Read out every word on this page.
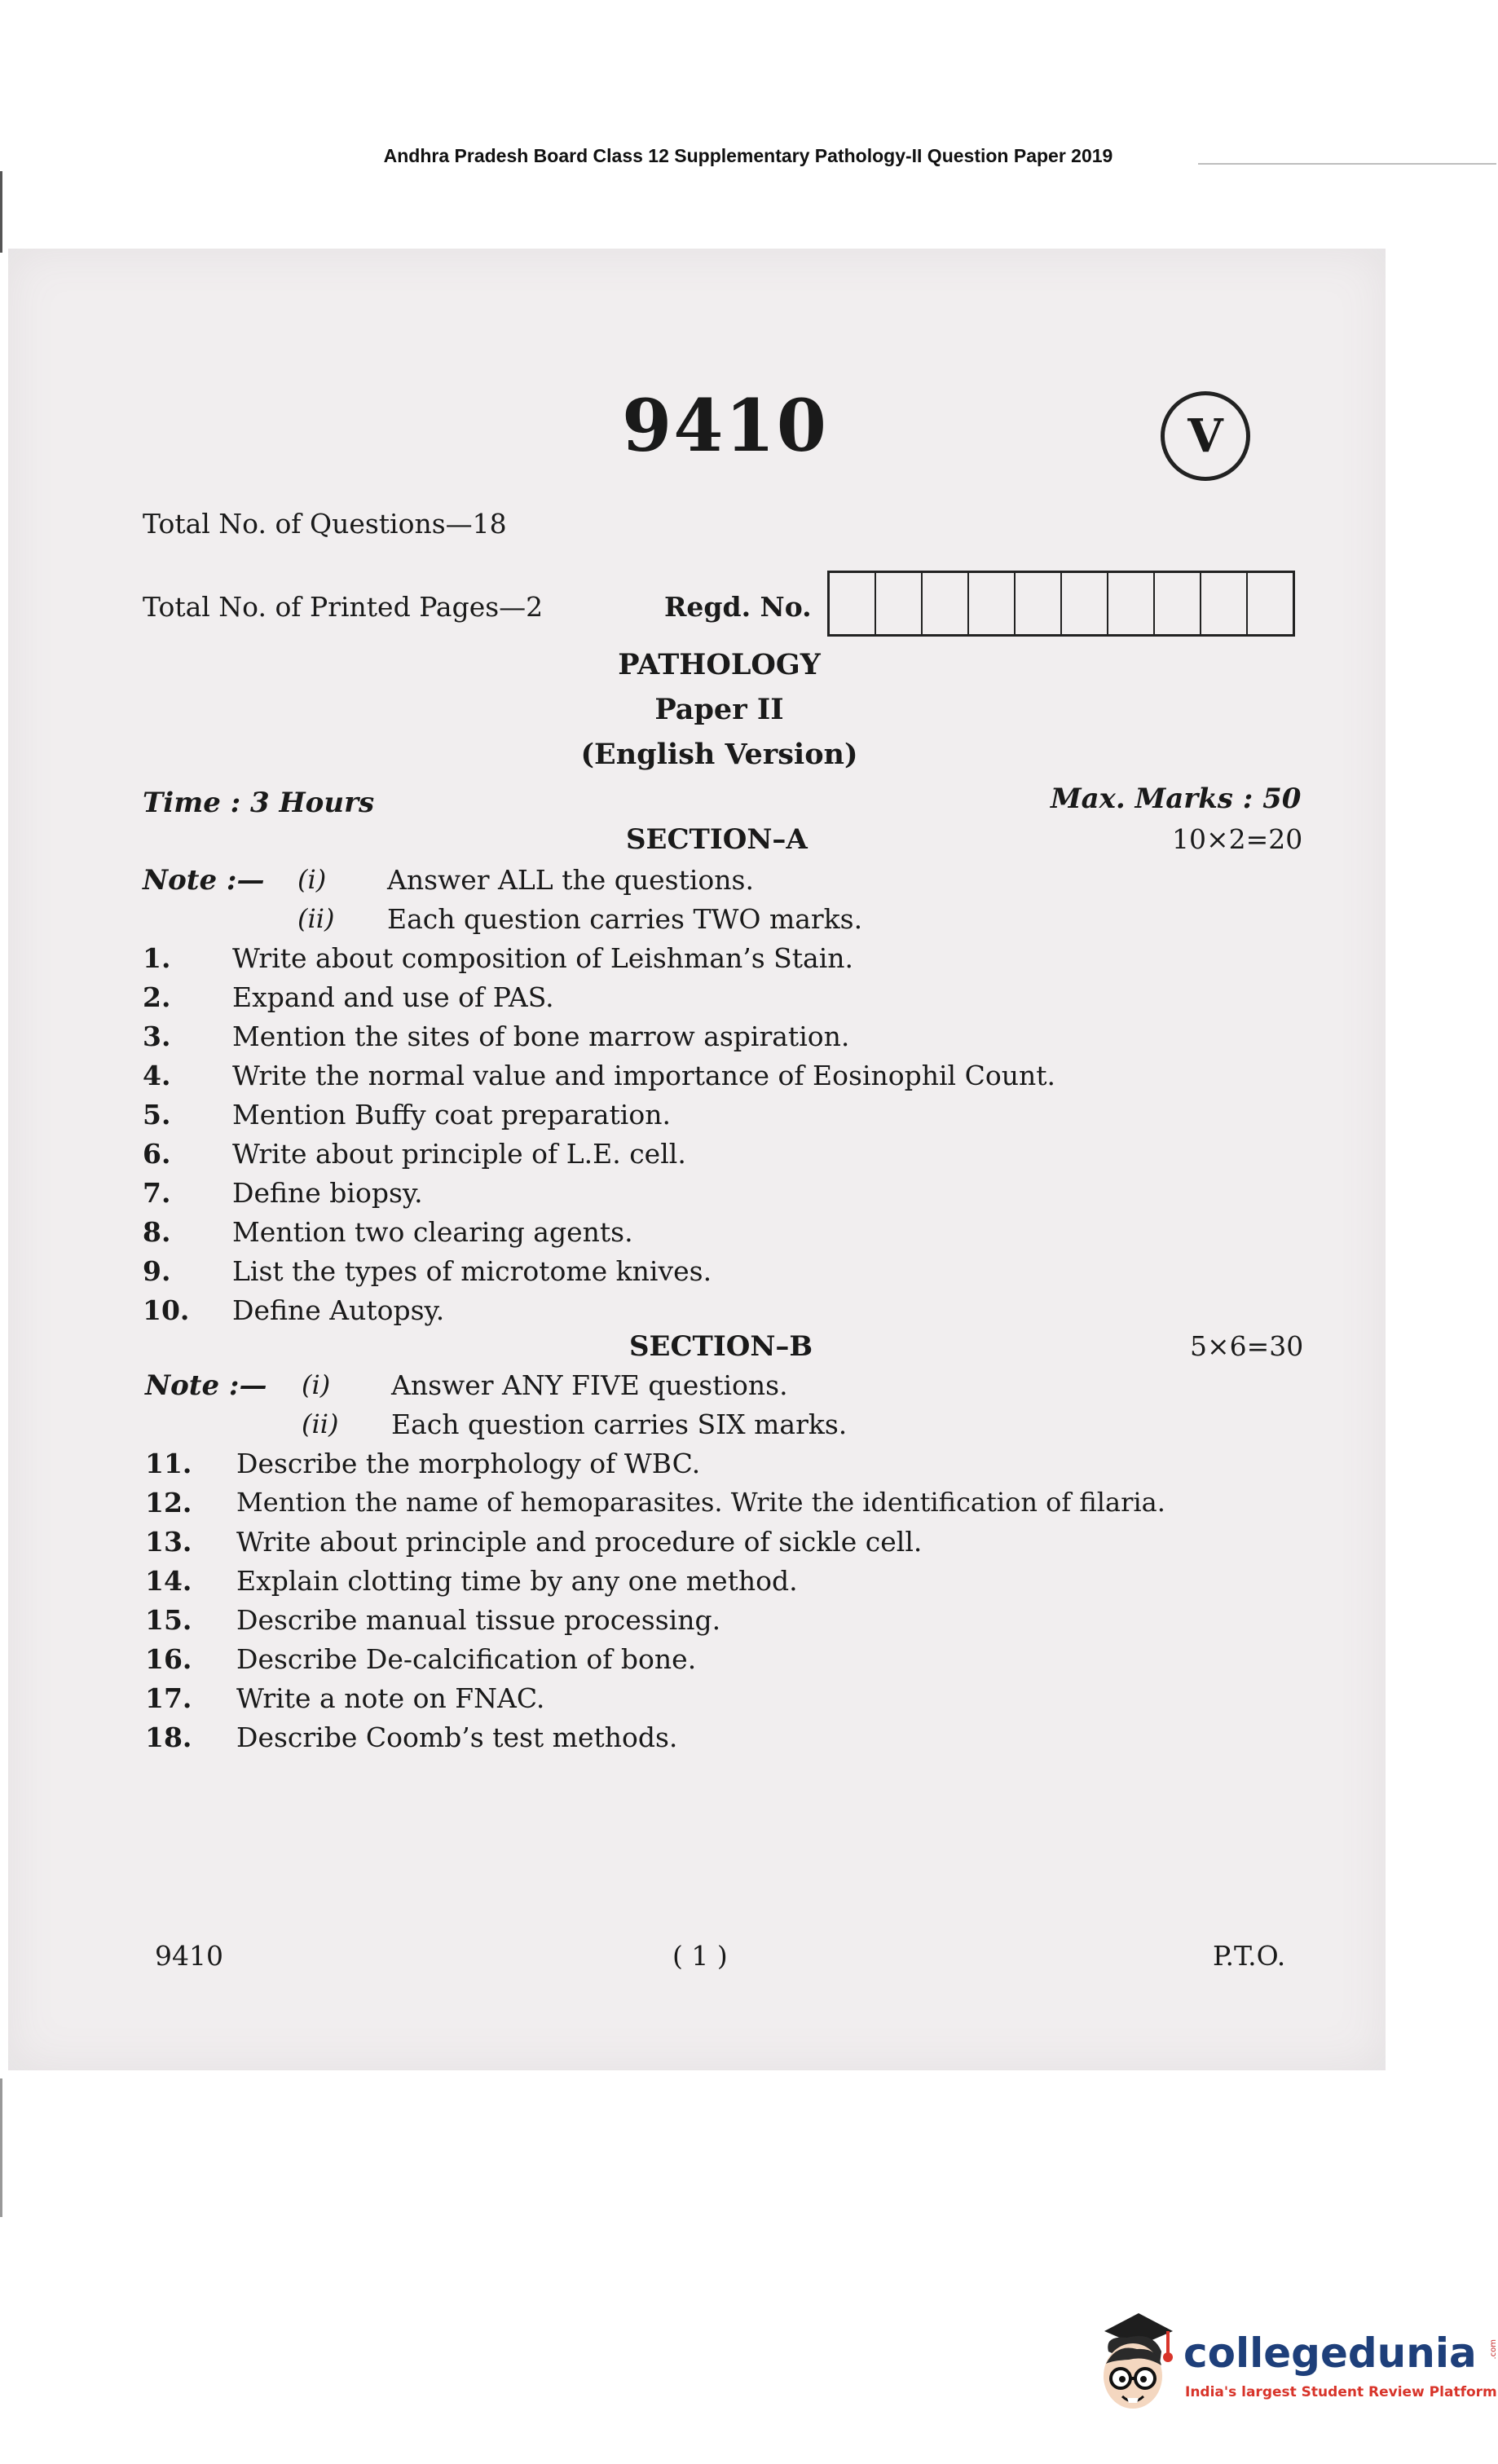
Andhra Pradesh Board Class 12 Supplementary Pathology-II Question Paper 2019
9410	V
Total No. of Questions—18
Total No. of Printed Pages—2	Regd. No.
PATHOLOGY
Paper II
(English Version)
Time : 3 Hours	Max. Marks : 50
SECTION–A	10×2=20
Note :— (i) Answer ALL the questions.
(ii) Each question carries TWO marks.
1. Write about composition of Leishman’s Stain.
2. Expand and use of PAS.
3. Mention the sites of bone marrow aspiration.
4. Write the normal value and importance of Eosinophil Count.
5. Mention Buffy coat preparation.
6. Write about principle of L.E. cell.
7. Define biopsy.
8. Mention two clearing agents.
9. List the types of microtome knives.
10. Define Autopsy.
SECTION–B	5×6=30
Note :— (i) Answer ANY FIVE questions.
(ii) Each question carries SIX marks.
11. Describe the morphology of WBC.
12. Mention the name of hemoparasites. Write the identification of filaria.
13. Write about principle and procedure of sickle cell.
14. Explain clotting time by any one method.
15. Describe manual tissue processing.
16. Describe De-calcification of bone.
17. Write a note on FNAC.
18. Describe Coomb’s test methods.
9410	( 1 )	P.T.O.
collegedunia .com
India's largest Student Review Platform
